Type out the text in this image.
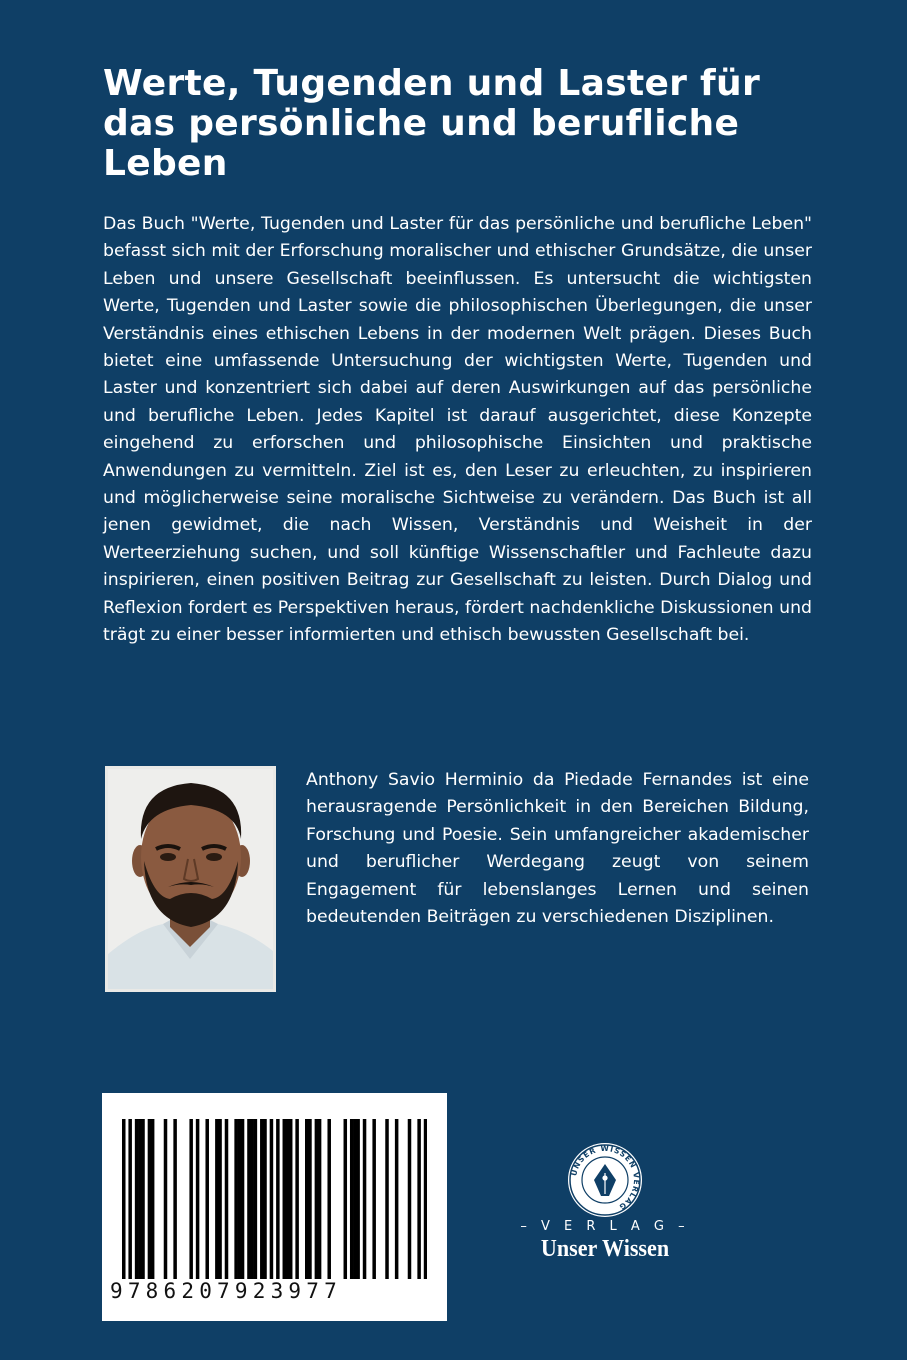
Werte, Tugenden und Laster für das persönliche und berufliche Leben

Das Buch "Werte, Tugenden und Laster für das persönliche und berufliche Leben" befasst sich mit der Erforschung moralischer und ethischer Grundsätze, die unser Leben und unsere Gesellschaft beeinflussen. Es untersucht die wichtigsten Werte, Tugenden und Laster sowie die philosophischen Überlegungen, die unser Verständnis eines ethischen Lebens in der modernen Welt prägen. Dieses Buch bietet eine umfassende Untersuchung der wichtigsten Werte, Tugenden und Laster und konzentriert sich dabei auf deren Auswirkungen auf das persönliche und berufliche Leben. Jedes Kapitel ist darauf ausgerichtet, diese Konzepte eingehend zu erforschen und philosophische Einsichten und praktische Anwendungen zu vermitteln. Ziel ist es, den Leser zu erleuchten, zu inspirieren und möglicherweise seine moralische Sichtweise zu verändern. Das Buch ist all jenen gewidmet, die nach Wissen, Verständnis und Weisheit in der Werteerziehung suchen, und soll künftige Wissenschaftler und Fachleute dazu inspirieren, einen positiven Beitrag zur Gesellschaft zu leisten. Durch Dialog und Reflexion fordert es Perspektiven heraus, fördert nachdenkliche Diskussionen und trägt zu einer besser informierten und ethisch bewussten Gesellschaft bei.

Anthony Savio Herminio da Piedade Fernandes ist eine herausragende Persönlichkeit in den Bereichen Bildung, Forschung und Poesie. Sein umfangreicher akademischer und beruflicher Werdegang zeugt von seinem Engagement für lebenslanges Lernen und seinen bedeutenden Beiträgen zu verschiedenen Disziplinen.

9786207923977
UNSER WISSEN VERLAG
– V E R L A G –
Unser Wissen
